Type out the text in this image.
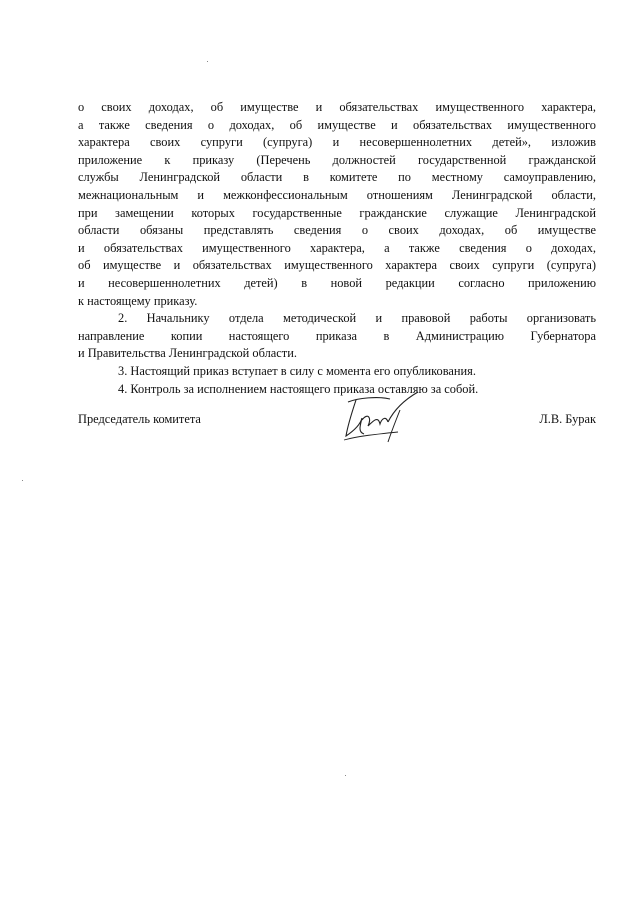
о своих доходах, об имуществе и обязательствах имущественного характера,
а также сведения о доходах, об имуществе и обязательствах имущественного
характера своих супруги (супруга) и несовершеннолетних детей», изложив
приложение к приказу (Перечень должностей государственной гражданской
службы Ленинградской области в комитете по местному самоуправлению,
межнациональным и межконфессиональным отношениям Ленинградской области,
при замещении которых государственные гражданские служащие Ленинградской
области обязаны представлять сведения о своих доходах, об имуществе
и обязательствах имущественного характера, а также сведения о доходах,
об имуществе и обязательствах имущественного характера своих супруги (супруга)
и несовершеннолетних детей) в новой редакции согласно приложению
к настоящему приказу.
2. Начальнику отдела методической и правовой работы организовать
направление копии настоящего приказа в Администрацию Губернатора
и Правительства Ленинградской области.
3. Настоящий приказ вступает в силу с момента его опубликования.
4. Контроль за исполнением настоящего приказа оставляю за собой.
Председатель комитета	Л.В. Бурак
